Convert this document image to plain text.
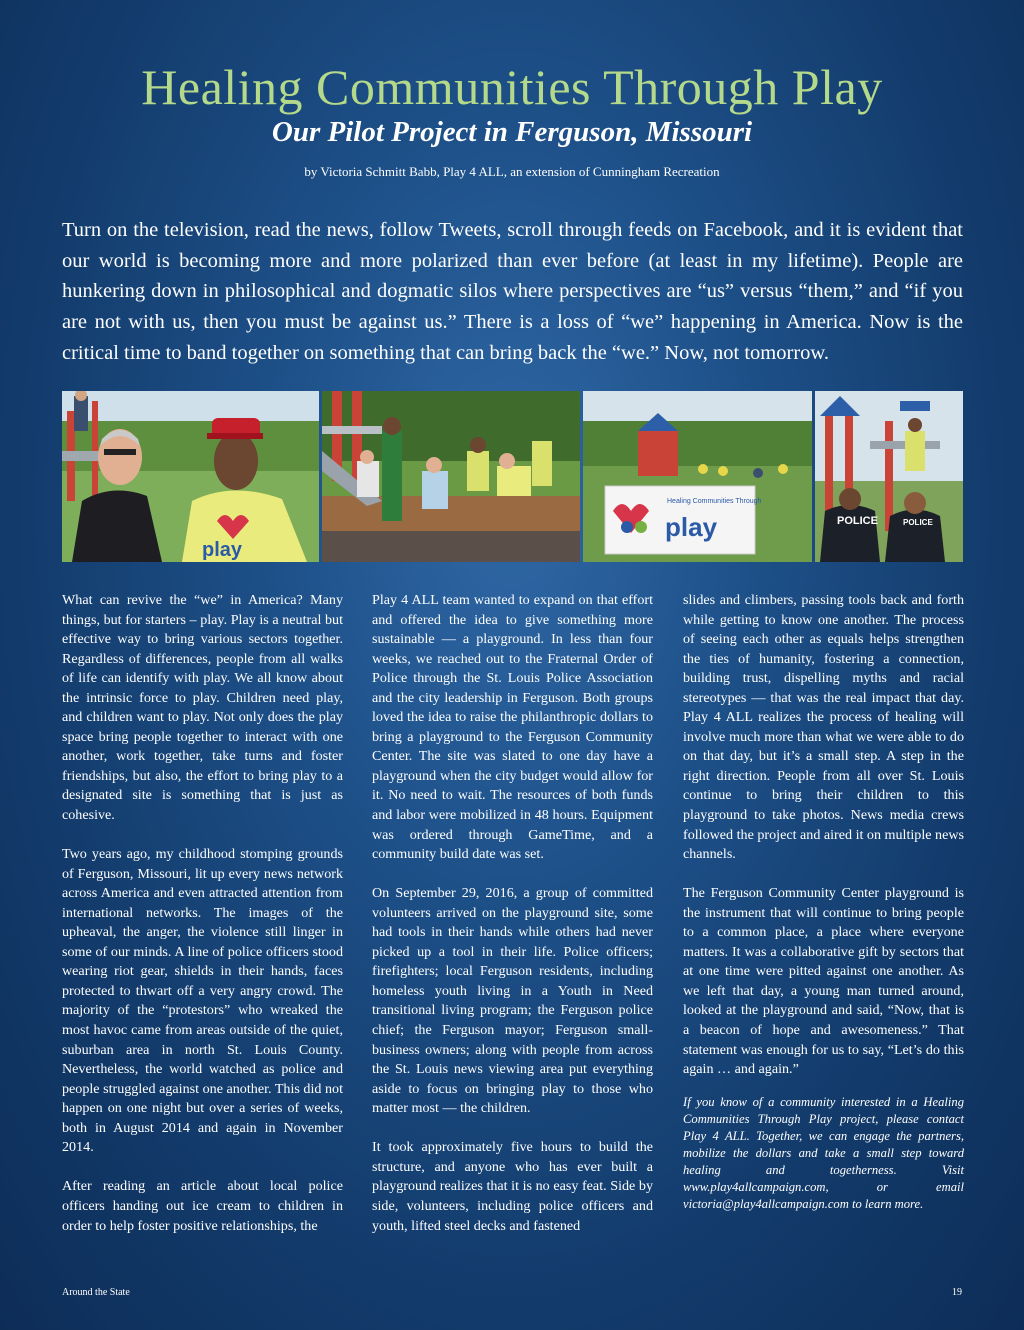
Healing Communities Through Play
Our Pilot Project in Ferguson, Missouri
by Victoria Schmitt Babb, Play 4 ALL, an extension of Cunningham Recreation
Turn on the television, read the news, follow Tweets, scroll through feeds on Facebook, and it is evident that our world is becoming more and more polarized than ever before (at least in my lifetime). People are hunkering down in philosophical and dogmatic silos where perspectives are “us” versus “them,” and “if you are not with us, then you must be against us.” There is a loss of “we” happening in America. Now is the critical time to band together on something that can bring back the “we.” Now, not tomorrow.
play
Healing Communities Through
play	POLICE	POLICE

What can revive the “we” in America? Many things, but for starters – play. Play is a neutral but effective way to bring various sectors together. Regardless of differences, people from all walks of life can identify with play. We all know about the intrinsic force to play. Children need play, and children want to play. Not only does the play space bring people together to interact with one another, work together, take turns and foster friendships, but also, the effort to bring play to a designated site is something that is just as cohesive.

Two years ago, my childhood stomping grounds of Ferguson, Missouri, lit up every news network across America and even attracted attention from international networks. The images of the upheaval, the anger, the violence still linger in some of our minds. A line of police officers stood wearing riot gear, shields in their hands, faces protected to thwart off a very angry crowd. The majority of the “protestors” who wreaked the most havoc came from areas outside of the quiet, suburban area in north St. Louis County. Nevertheless, the world watched as police and people struggled against one another. This did not happen on one night but over a series of weeks, both in August 2014 and again in November 2014.

After reading an article about local police officers handing out ice cream to children in order to help foster positive relationships, the

Play 4 ALL team wanted to expand on that effort and offered the idea to give something more sustainable — a playground. In less than four weeks, we reached out to the Fraternal Order of Police through the St. Louis Police Association and the city leadership in Ferguson. Both groups loved the idea to raise the philanthropic dollars to bring a playground to the Ferguson Community Center. The site was slated to one day have a playground when the city budget would allow for it. No need to wait. The resources of both funds and labor were mobilized in 48 hours. Equipment was ordered through GameTime, and a community build date was set.

On September 29, 2016, a group of committed volunteers arrived on the playground site, some had tools in their hands while others had never picked up a tool in their life. Police officers; firefighters; local Ferguson residents, including homeless youth living in a Youth in Need transitional living program; the Ferguson police chief; the Ferguson mayor; Ferguson small-business owners; along with people from across the St. Louis news viewing area put everything aside to focus on bringing play to those who matter most — the children.

It took approximately five hours to build the structure, and anyone who has ever built a playground realizes that it is no easy feat. Side by side, volunteers, including police officers and youth, lifted steel decks and fastened

slides and climbers, passing tools back and forth while getting to know one another. The process of seeing each other as equals helps strengthen the ties of humanity, fostering a connection, building trust, dispelling myths and racial stereotypes — that was the real impact that day. Play 4 ALL realizes the process of healing will involve much more than what we were able to do on that day, but it’s a small step. A step in the right direction. People from all over St. Louis continue to bring their children to this playground to take photos. News media crews followed the project and aired it on multiple news channels.

The Ferguson Community Center playground is the instrument that will continue to bring people to a common place, a place where everyone matters. It was a collaborative gift by sectors that at one time were pitted against one another. As we left that day, a young man turned around, looked at the playground and said, “Now, that is a beacon of hope and awesomeness.” That statement was enough for us to say, “Let’s do this again … and again.”

If you know of a community interested in a Healing Communities Through Play project, please contact Play 4 ALL. Together, we can engage the partners, mobilize the dollars and take a small step toward healing and togetherness. Visit www.play4allcampaign.com, or email victoria@play4allcampaign.com to learn more.

Around the State	19
